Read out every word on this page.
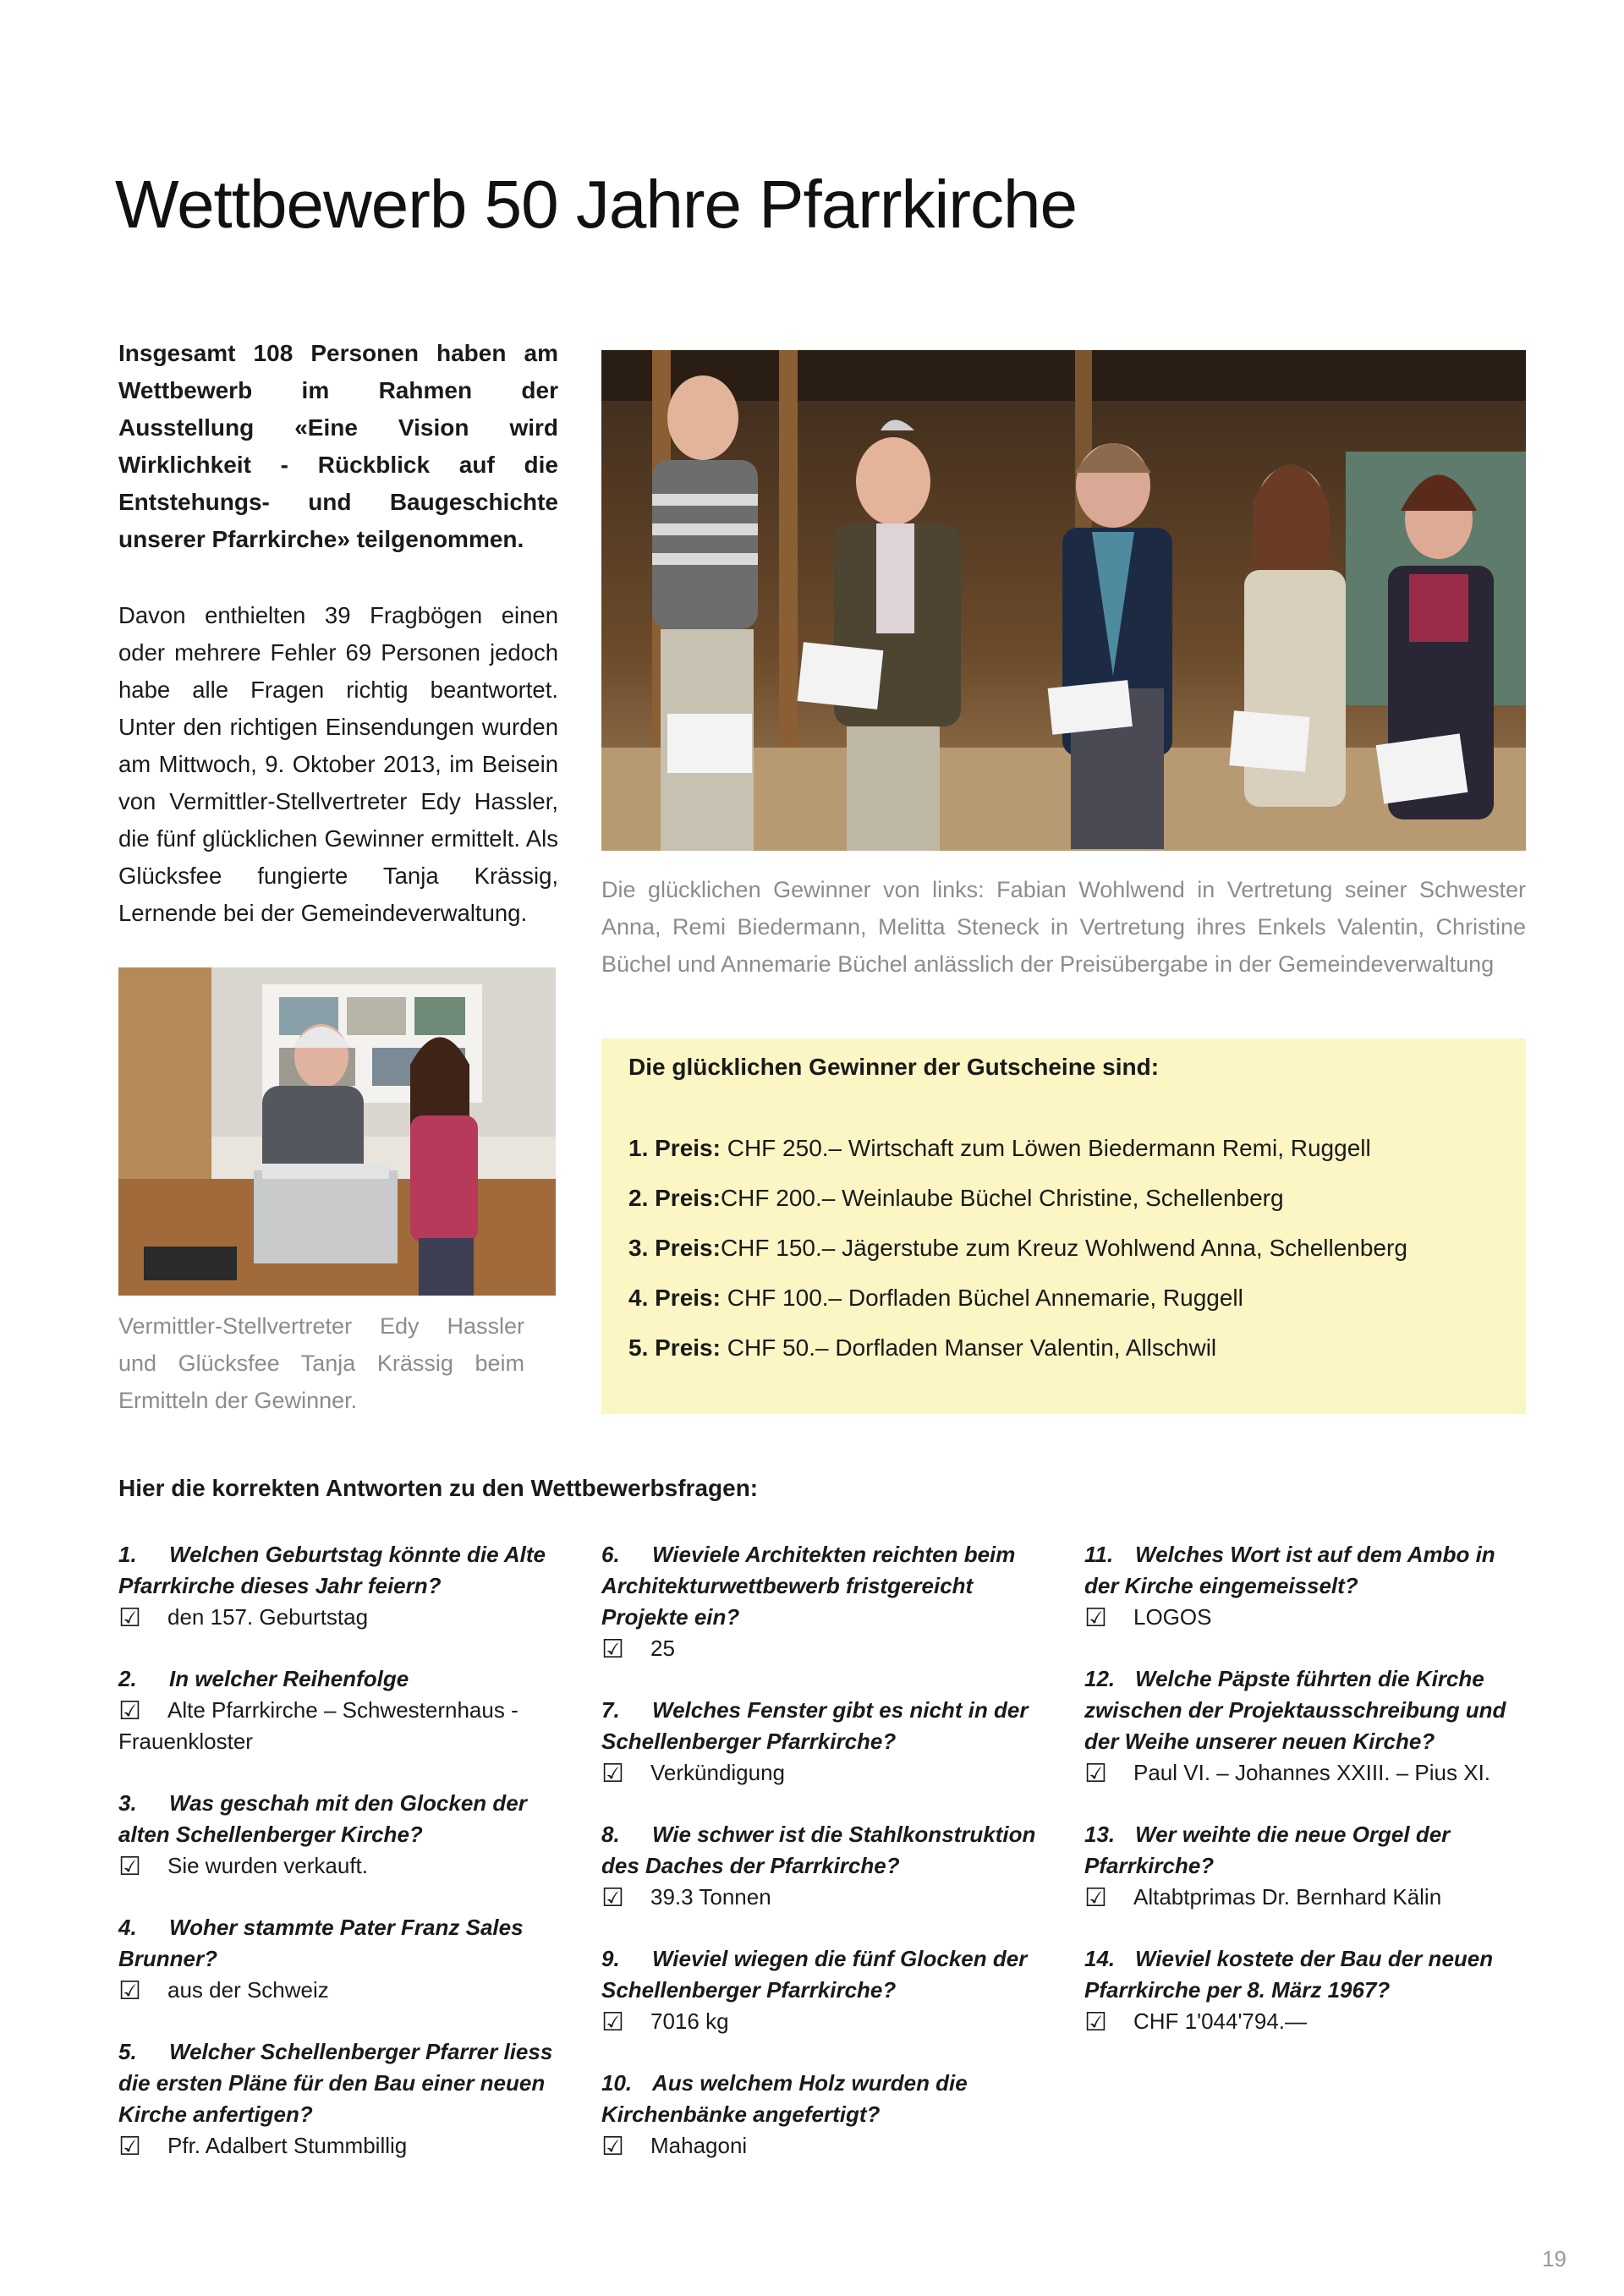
Wettbewerb 50 Jahre Pfarrkirche
Insgesamt 108 Personen haben am Wettbewerb im Rahmen der Ausstellung «Eine Vision wird Wirklichkeit - Rückblick auf die Entstehungs- und Baugeschichte unserer Pfarrkirche» teilgenommen.
Davon enthielten 39 Fragbögen einen oder mehrere Fehler 69 Personen jedoch habe alle Fragen richtig beantwortet. Unter den richtigen Einsendungen wurden am Mittwoch, 9. Oktober 2013, im Beisein von Vermittler-Stellvertreter Edy Hassler, die fünf glücklichen Gewinner ermittelt. Als Glücksfee fungierte Tanja Krässig, Lernende bei der Gemeindeverwaltung.
Die glücklichen Gewinner von links: Fabian Wohlwend in Vertretung seiner Schwester Anna, Remi Biedermann, Melitta Steneck in Vertretung ihres Enkels Valentin, Christine Büchel und Annemarie Büchel anlässlich der Preisübergabe in der Gemeindeverwaltung
Vermittler-Stellvertreter Edy Hassler und Glücksfee Tanja Krässig beim Ermitteln der Gewinner.
Die glücklichen Gewinner der Gutscheine sind:
1. Preis: CHF 250.– Wirtschaft zum Löwen Biedermann Remi, Ruggell
2. Preis:CHF 200.– Weinlaube Büchel Christine, Schellenberg
3. Preis:CHF 150.– Jägerstube zum Kreuz Wohlwend Anna, Schellenberg
4. Preis: CHF 100.– Dorfladen Büchel Annemarie, Ruggell
5. Preis: CHF 50.– Dorfladen Manser Valentin, Allschwil
Hier die korrekten Antworten zu den Wettbewerbsfragen:
1. Welchen Geburtstag könnte die Alte Pfarrkirche dieses Jahr feiern?
☑ den 157. Geburtstag
2. In welcher Reihenfolge
☑ Alte Pfarrkirche – Schwesternhaus - Frauenkloster
3. Was geschah mit den Glocken der alten Schellenberger Kirche?
☑ Sie wurden verkauft.
4. Woher stammte Pater Franz Sales Brunner?
☑ aus der Schweiz
5. Welcher Schellenberger Pfarrer liess die ersten Pläne für den Bau einer neuen Kirche anfertigen?
☑ Pfr. Adalbert Stummbillig
6. Wieviele Architekten reichten beim Architekturwettbewerb fristgereicht Projekte ein?
☑ 25
7. Welches Fenster gibt es nicht in der Schellenberger Pfarrkirche?
☑ Verkündigung
8. Wie schwer ist die Stahlkonstruktion des Daches der Pfarrkirche?
☑ 39.3 Tonnen
9. Wieviel wiegen die fünf Glocken der Schellenberger Pfarrkirche?
☑ 7016 kg
10. Aus welchem Holz wurden die Kirchenbänke angefertigt?
☑ Mahagoni
11. Welches Wort ist auf dem Ambo in der Kirche eingemeisselt?
☑ LOGOS
12. Welche Päpste führten die Kirche zwischen der Projektausschreibung und der Weihe unserer neuen Kirche?
☑ Paul VI. – Johannes XXIII. – Pius XI.
13. Wer weihte die neue Orgel der Pfarrkirche?
☑ Altabtprimas Dr. Bernhard Kälin
14. Wieviel kostete der Bau der neuen Pfarrkirche per 8. März 1967?
☑ CHF 1'044'794.—
19
